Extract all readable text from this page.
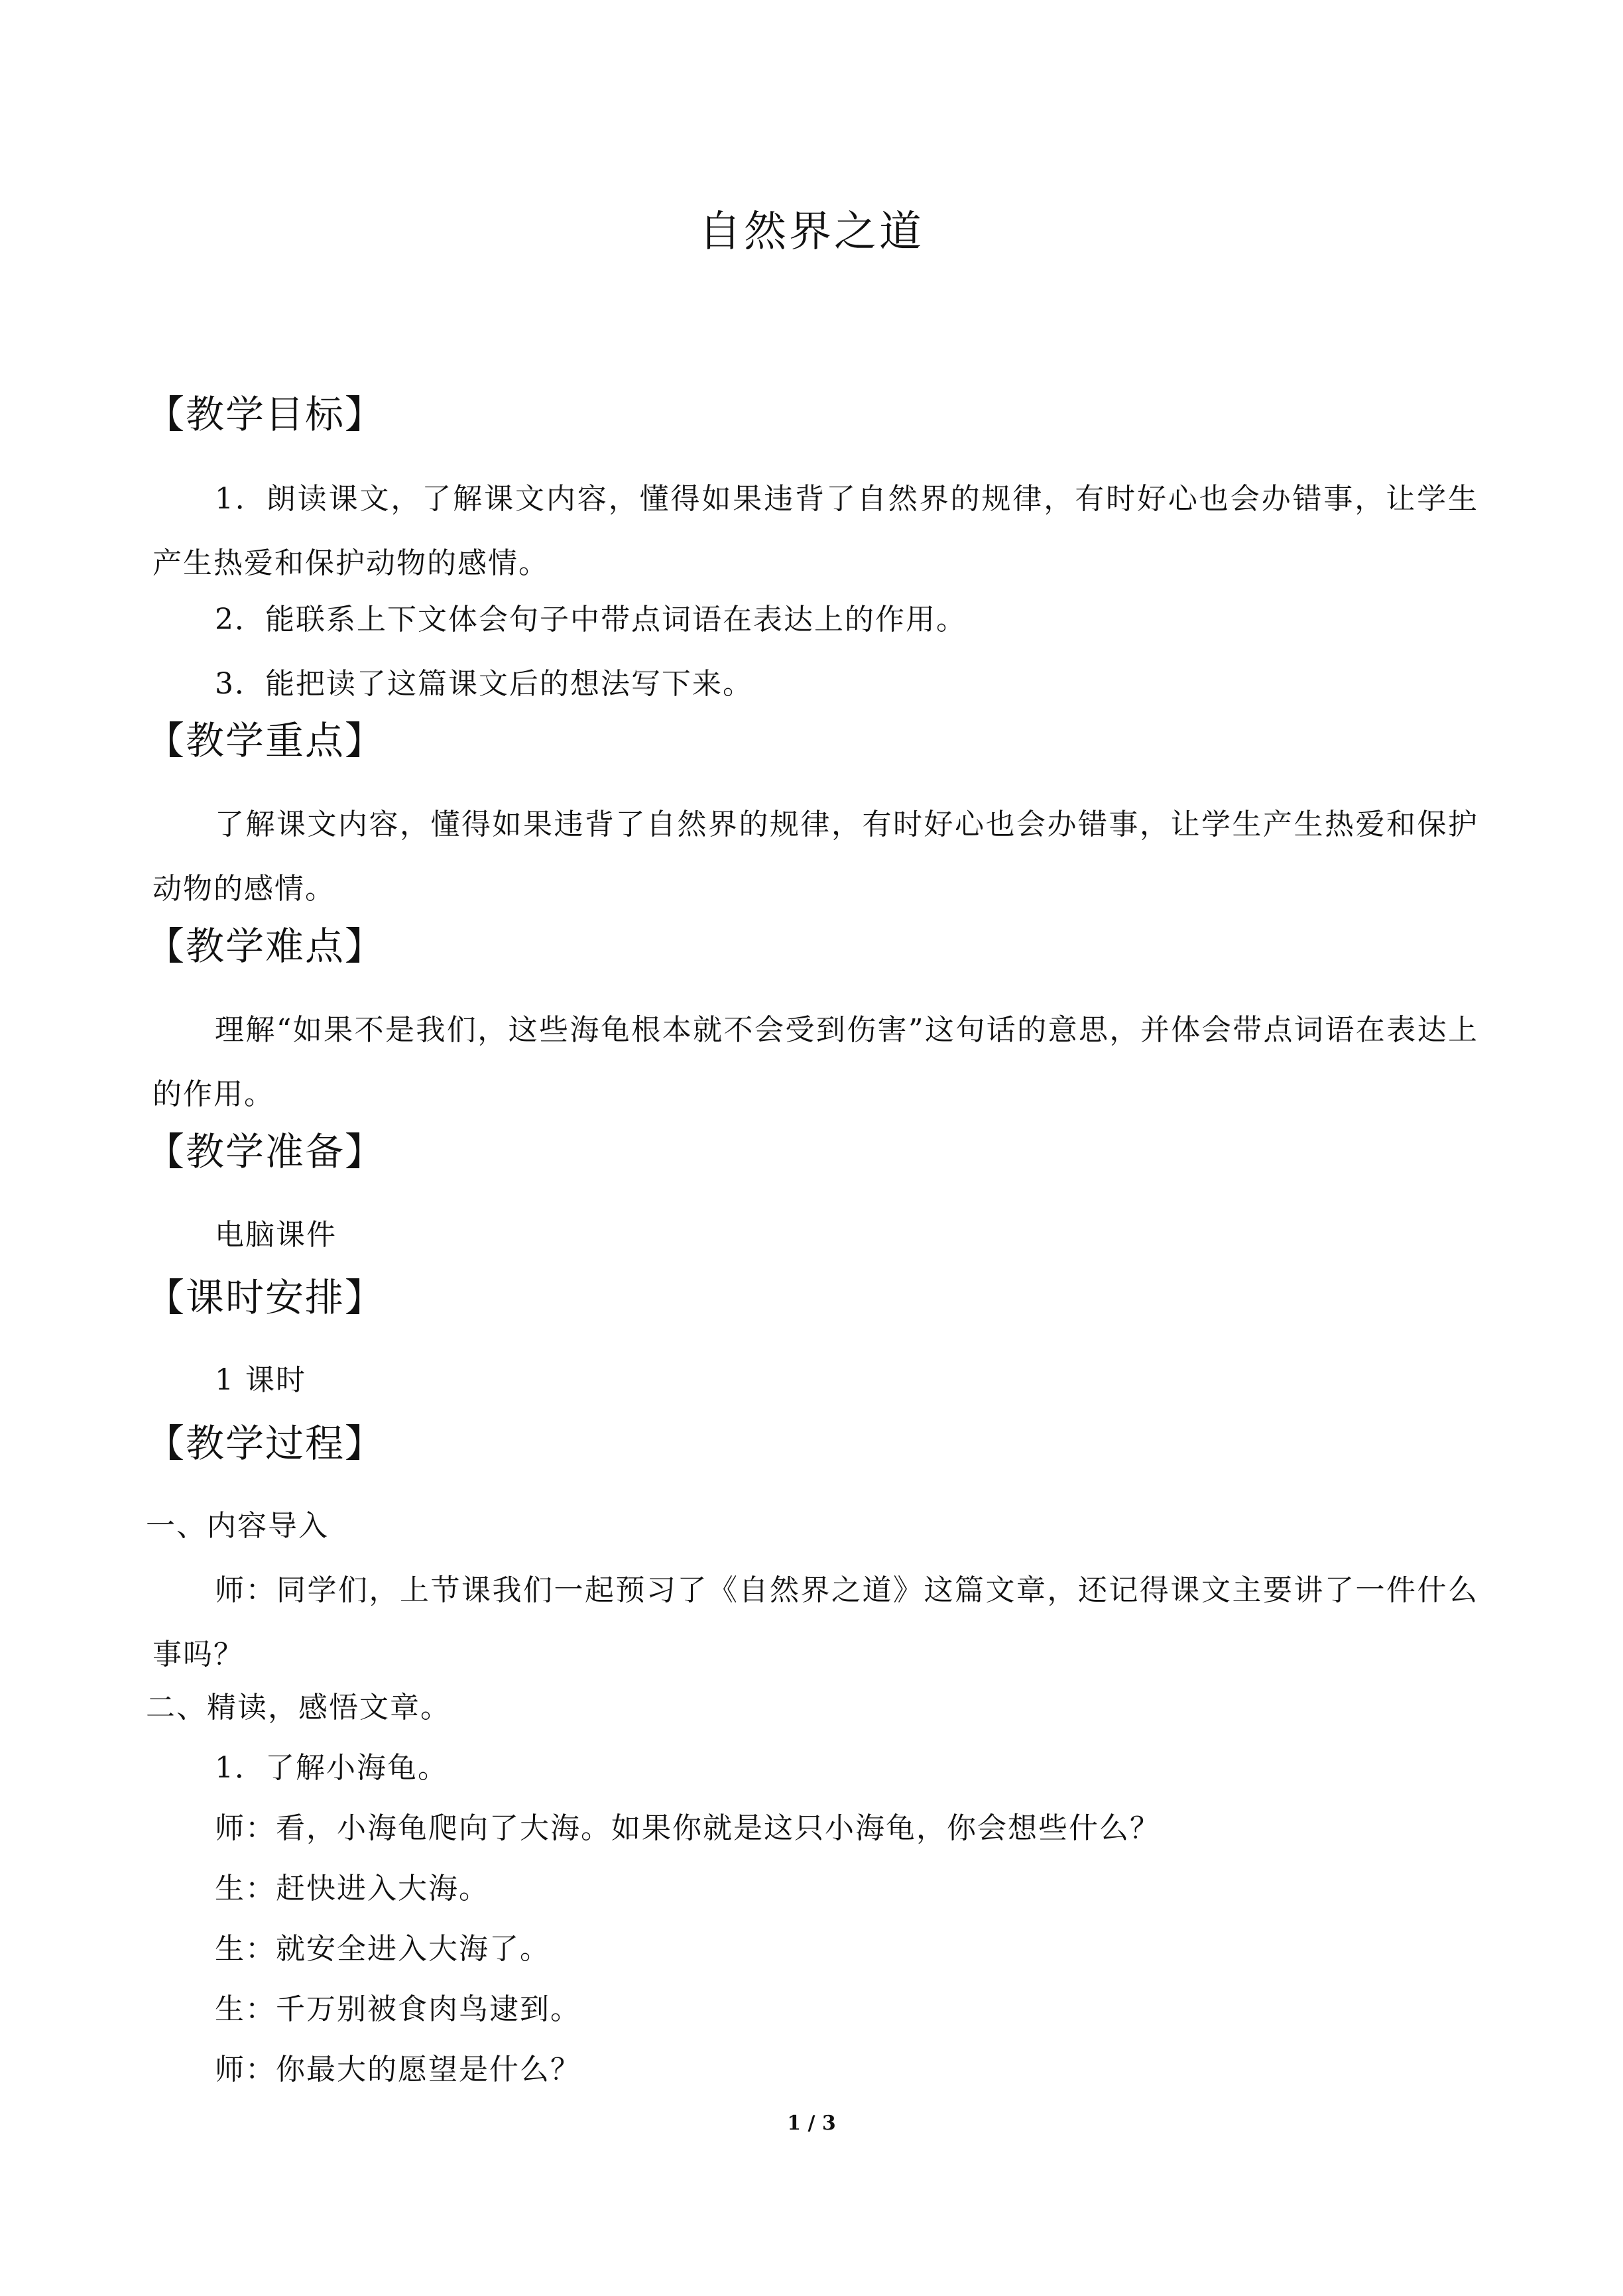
自然界之道
【教学目标】
1．朗读课文，了解课文内容，懂得如果违背了自然界的规律，有时好心也会办错事，让学生产生热爱和保护动物的感情。
2．能联系上下文体会句子中带点词语在表达上的作用。
3．能把读了这篇课文后的想法写下来。
【教学重点】
了解课文内容，懂得如果违背了自然界的规律，有时好心也会办错事，让学生产生热爱和保护动物的感情。
【教学难点】
理解“如果不是我们，这些海龟根本就不会受到伤害”这句话的意思，并体会带点词语在表达上的作用。
【教学准备】
电脑课件
【课时安排】
1 课时
【教学过程】
一、内容导入
师：同学们，上节课我们一起预习了《自然界之道》这篇文章，还记得课文主要讲了一件什么事吗？
二、精读，感悟文章。
1．了解小海龟。
师：看，小海龟爬向了大海。如果你就是这只小海龟，你会想些什么？
生：赶快进入大海。
生：就安全进入大海了。
生：千万别被食肉鸟逮到。
师：你最大的愿望是什么？
1 / 3
